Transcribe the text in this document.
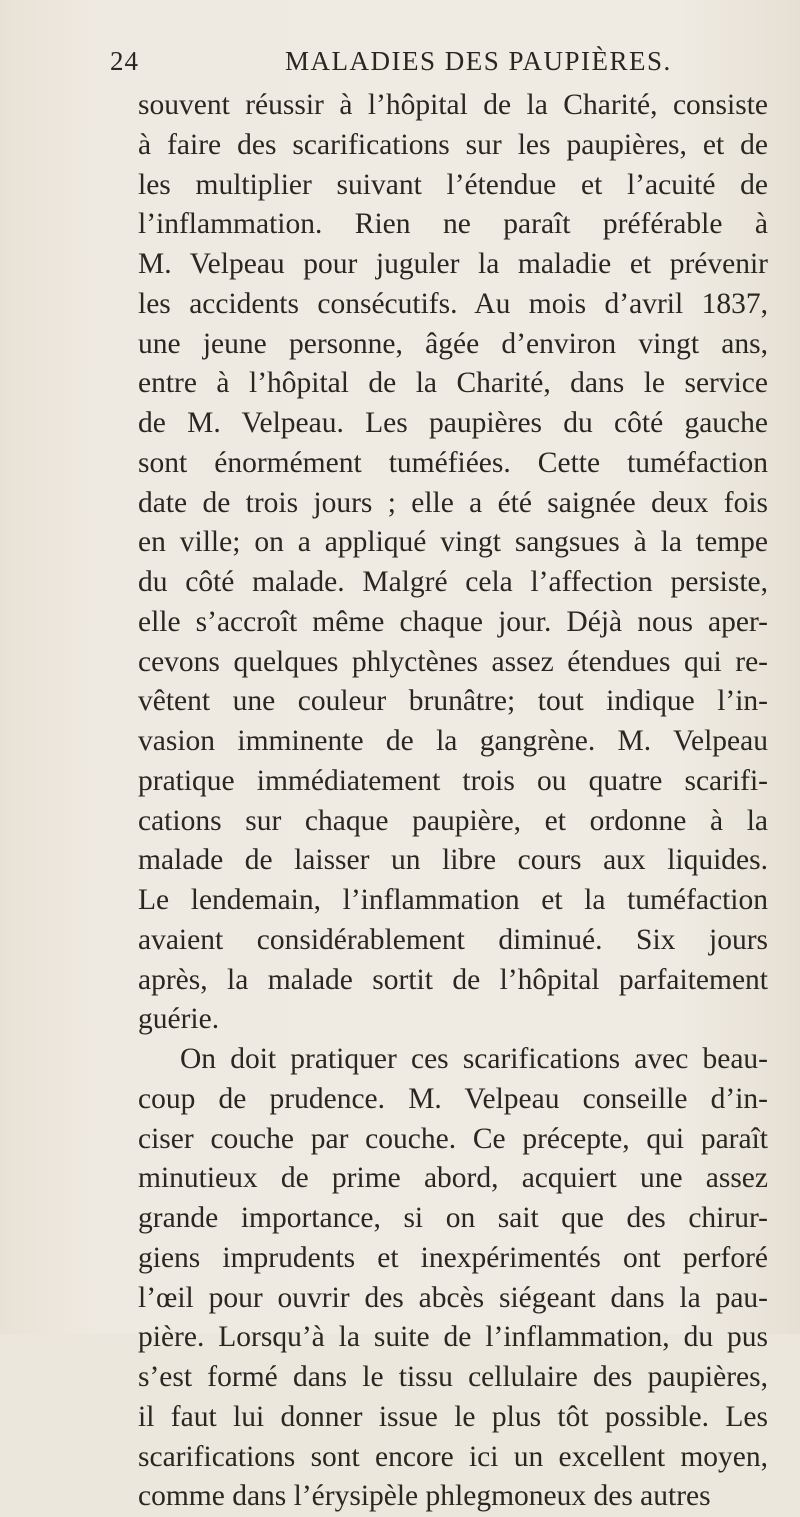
24	MALADIES DES PAUPIÈRES.
souvent réussir à l’hôpital de la Charité, consiste
à faire des scarifications sur les paupières, et de
les multiplier suivant l’étendue et l’acuité de
l’inflammation. Rien ne paraît préférable à
M. Velpeau pour juguler la maladie et prévenir
les accidents consécutifs. Au mois d’avril 1837,
une jeune personne, âgée d’environ vingt ans,
entre à l’hôpital de la Charité, dans le service
de M. Velpeau. Les paupières du côté gauche
sont énormément tuméfiées. Cette tuméfaction
date de trois jours ; elle a été saignée deux fois
en ville; on a appliqué vingt sangsues à la tempe
du côté malade. Malgré cela l’affection persiste,
elle s’accroît même chaque jour. Déjà nous aper-
cevons quelques phlyctènes assez étendues qui re-
vêtent une couleur brunâtre; tout indique l’in-
vasion imminente de la gangrène. M. Velpeau
pratique immédiatement trois ou quatre scarifi-
cations sur chaque paupière, et ordonne à la
malade de laisser un libre cours aux liquides.
Le lendemain, l’inflammation et la tuméfaction
avaient considérablement diminué. Six jours
après, la malade sortit de l’hôpital parfaitement
guérie.
On doit pratiquer ces scarifications avec beau-
coup de prudence. M. Velpeau conseille d’in-
ciser couche par couche. Ce précepte, qui paraît
minutieux de prime abord, acquiert une assez
grande importance, si on sait que des chirur-
giens imprudents et inexpérimentés ont perforé
l’œil pour ouvrir des abcès siégeant dans la pau-
pière. Lorsqu’à la suite de l’inflammation, du pus
s’est formé dans le tissu cellulaire des paupières,
il faut lui donner issue le plus tôt possible. Les
scarifications sont encore ici un excellent moyen,
comme dans l’érysipèle phlegmoneux des autres
